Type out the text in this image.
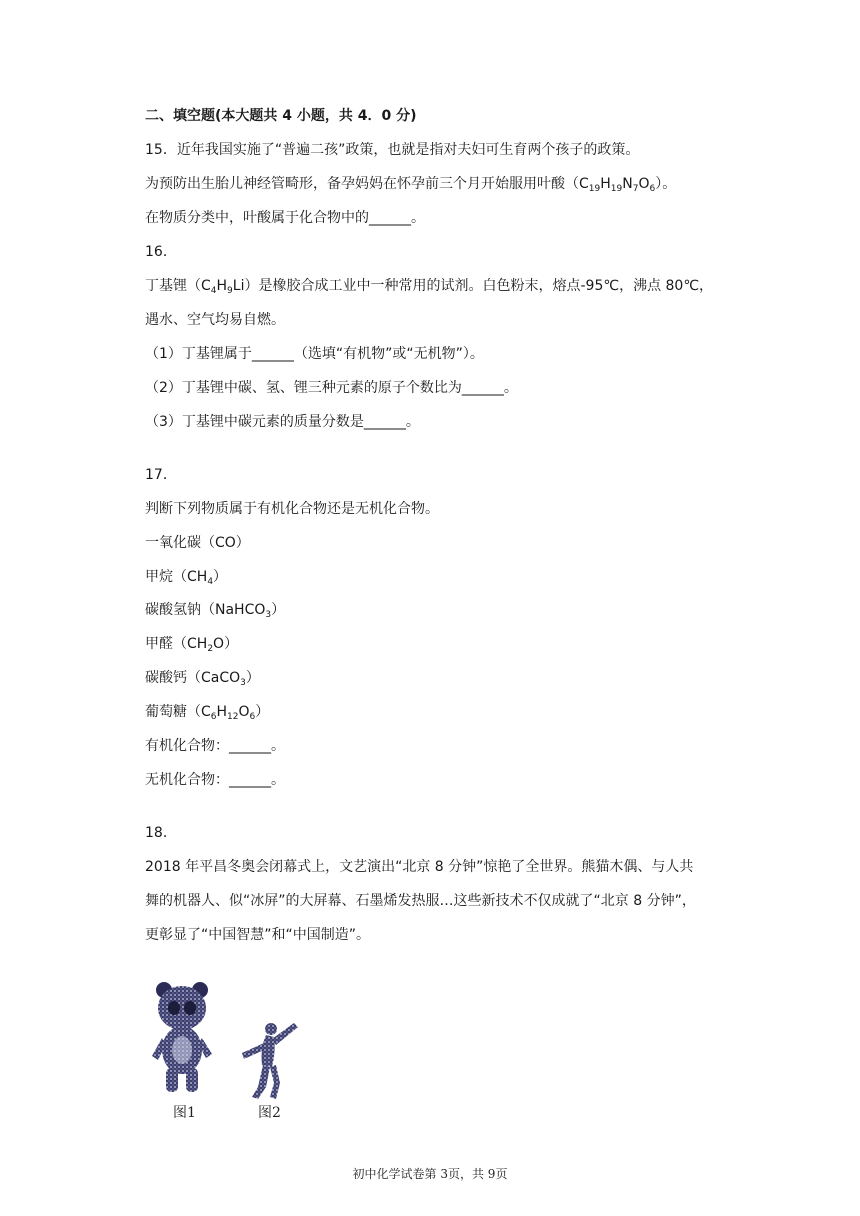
二、填空题(本大题共 4 小题，共 4．0 分)
15．近年我国实施了“普遍二孩”政策，也就是指对夫妇可生育两个孩子的政策。
为预防出生胎儿神经管畸形，备孕妈妈在怀孕前三个月开始服用叶酸$(C_{19}H_{19}N_7O_6)$。
在物质分类中，叶酸属于化合物中的______。
16．
丁基锂$(C_4H_9Li)$是橡胶合成工业中一种常用的试剂。白色粉末，熔点-95℃，沸点 80℃，
遇水、空气均易自燃。
（1）丁基锂属于______（选填“有机物”或“无机物”）。
（2）丁基锂中碳、氢、锂三种元素的原子个数比为______。
（3）丁基锂中碳元素的质量分数是______。
17．
判断下列物质属于有机化合物还是无机化合物。
一氧化碳（CO）
甲烷$(CH_4)$
碳酸氢钠（NaHCO$_3$）
甲醛$(CH_2O)$
碳酸钙（CaCO$_3$）
葡萄糖$(C_6H_{12}O_6)$
有机化合物：______。
无机化合物：______。
18．
2018 年平昌冬奥会闭幕式上，文艺演出“北京 8 分钟”惊艳了全世界。熊猫木偶、与人共
舞的机器人、似“冰屏”的大屏幕、石墨烯发热服…这些新技术不仅成就了“北京 8 分钟”，
更彰显了“中国智慧”和“中国制造”。
图1	图2
初中化学试卷第 3页，共 9页
